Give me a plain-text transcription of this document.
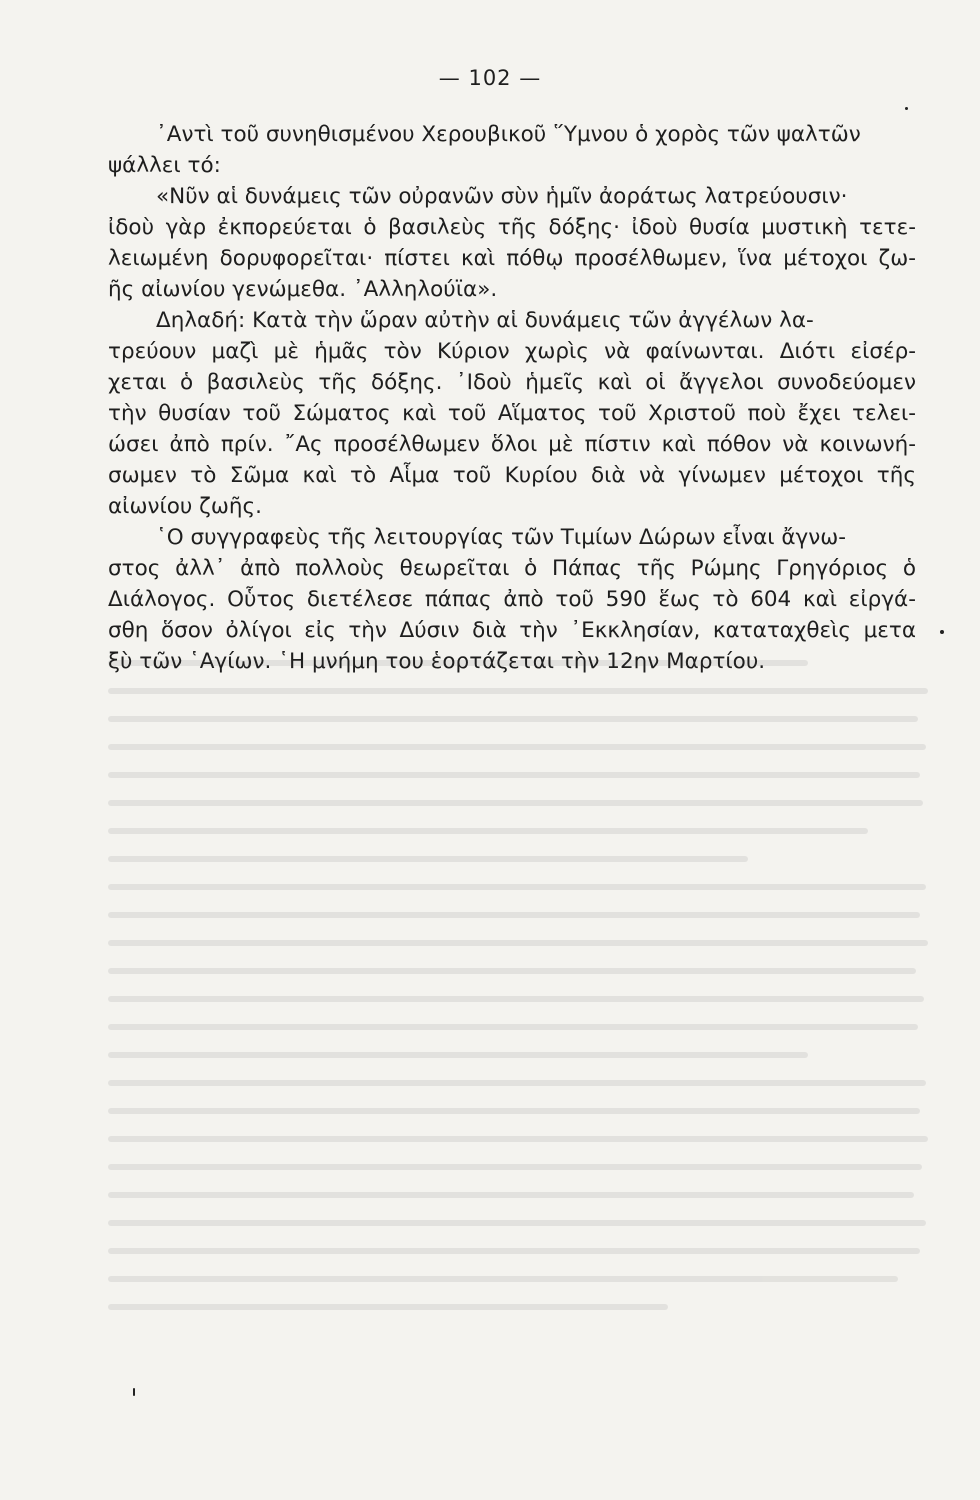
— 102 —
᾿Αντὶ τοῦ συνηθισμένου Χερουβικοῦ ῞Υμνου ὁ χορὸς τῶν ψαλτῶν
ψάλλει τό:
«Νῦν αἱ δυνάμεις τῶν οὐρανῶν σὺν ἡμῖν ἀοράτως λατρεύουσιν·
ἰδοὺ γὰρ ἐκπορεύεται ὁ βασιλεὺς τῆς δόξης· ἰδοὺ θυσία μυστικὴ τετε-
λειωμένη δορυφορεῖται· πίστει καὶ πόθῳ προσέλθωμεν, ἵνα μέτοχοι ζω-
ῆς αἰωνίου γενώμεθα. ᾿Αλληλούϊα».
Δηλαδή: Κατὰ τὴν ὥραν αὐτὴν αἱ δυνάμεις τῶν ἀγγέλων λα-
τρεύουν μαζὶ μὲ ἡμᾶς τὸν Κύριον χωρὶς νὰ φαίνωνται. Διότι εἰσέρ-
χεται ὁ βασιλεὺς τῆς δόξης. ᾿Ιδοὺ ἡμεῖς καὶ οἱ ἄγγελοι συνοδεύομεν
τὴν θυσίαν τοῦ Σώματος καὶ τοῦ Αἵματος τοῦ Χριστοῦ ποὺ ἔχει τελει-
ώσει ἀπὸ πρίν. ῎Ας προσέλθωμεν ὅλοι μὲ πίστιν καὶ πόθον νὰ κοινωνή-
σωμεν τὸ Σῶμα καὶ τὸ Αἷμα τοῦ Κυρίου διὰ νὰ γίνωμεν μέτοχοι τῆς
αἰωνίου ζωῆς.
῾Ο συγγραφεὺς τῆς λειτουργίας τῶν Τιμίων Δώρων εἶναι ἄγνω-
στος ἀλλ᾿ ἀπὸ πολλοὺς θεωρεῖται ὁ Πάπας τῆς Ρώμης Γρηγόριος ὁ
Διάλογος. Οὗτος διετέλεσε πάπας ἀπὸ τοῦ 590 ἕως τὸ 604 καὶ εἰργά-
σθη ὅσον ὀλίγοι εἰς τὴν Δύσιν διὰ τὴν ᾿Εκκλησίαν, καταταχθεὶς μετα
ξὺ τῶν ῾Αγίων. ῾Η μνήμη του ἑορτάζεται τὴν 12ην Μαρτίου.
